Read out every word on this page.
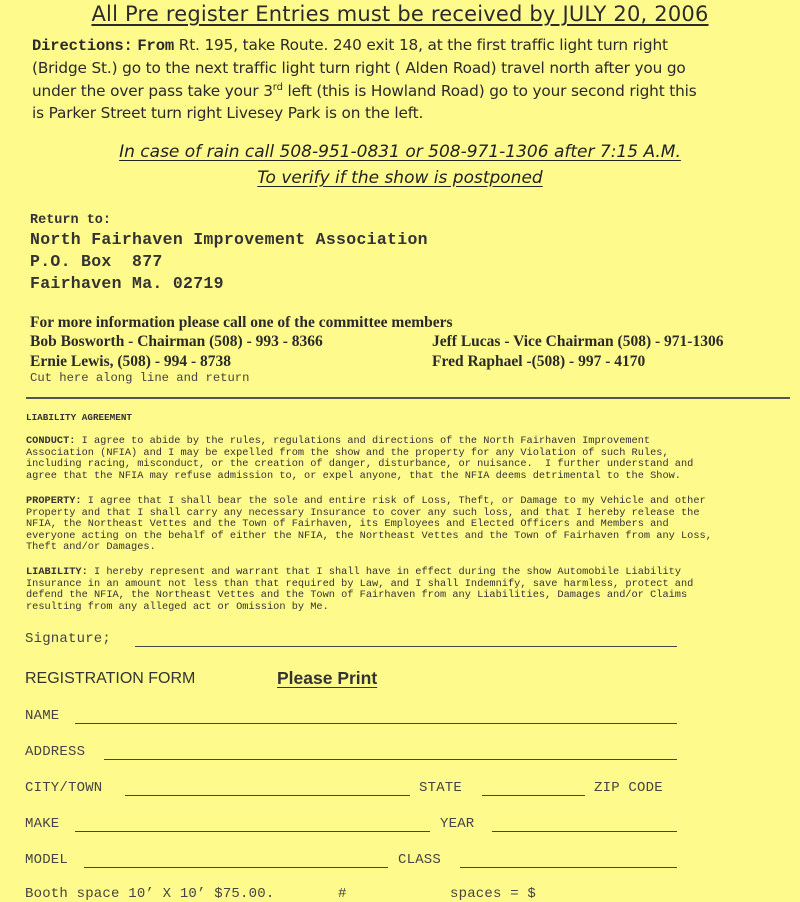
All Pre register Entries must be received by JULY 20, 2006
Directions: From Rt. 195, take Route. 240 exit 18, at the first traffic light turn right
(Bridge St.) go to the next traffic light turn right ( Alden Road) travel north after you go
under the over pass take your 3rd left (this is Howland Road) go to your second right this
is Parker Street turn right Livesey Park is on the left.
In case of rain call 508-951-0831 or 508-971-1306 after 7:15 A.M.
To verify if the show is postponed
Return to:
North Fairhaven Improvement Association
P.O. Box  877
Fairhaven Ma. 02719
For more information please call one of the committee members
Bob Bosworth - Chairman (508) - 993 - 8366	Jeff Lucas - Vice Chairman (508) - 971-1306
Ernie Lewis, (508) - 994 - 8738	Fred Raphael -(508) - 997 - 4170
Cut here along line and return
LIABILITY AGREEMENT
CONDUCT: I agree to abide by the rules, regulations and directions of the North Fairhaven Improvement
Association (NFIA) and I may be expelled from the show and the property for any Violation of such Rules,
including racing, misconduct, or the creation of danger, disturbance, or nuisance.  I further understand and
agree that the NFIA may refuse admission to, or expel anyone, that the NFIA deems detrimental to the Show.
PROPERTY: I agree that I shall bear the sole and entire risk of Loss, Theft, or Damage to my Vehicle and other
Property and that I shall carry any necessary Insurance to cover any such loss, and that I hereby release the
NFIA, the Northeast Vettes and the Town of Fairhaven, its Employees and Elected Officers and Members and
everyone acting on the behalf of either the NFIA, the Northeast Vettes and the Town of Fairhaven from any Loss,
Theft and/or Damages.
LIABILITY: I hereby represent and warrant that I shall have in effect during the show Automobile Liability
Insurance in an amount not less than that required by Law, and I shall Indemnify, save harmless, protect and
defend the NFIA, the Northeast Vettes and the Town of Fairhaven from any Liabilities, Damages and/or Claims
resulting from any alleged act or Omission by Me.
Signature;
REGISTRATION FORM	Please Print
NAME
ADDRESS
CITY/TOWN	STATE	ZIP CODE
MAKE	YEAR
MODEL	CLASS
Booth space 10’ X 10’ $75.00.	#	spaces = $
